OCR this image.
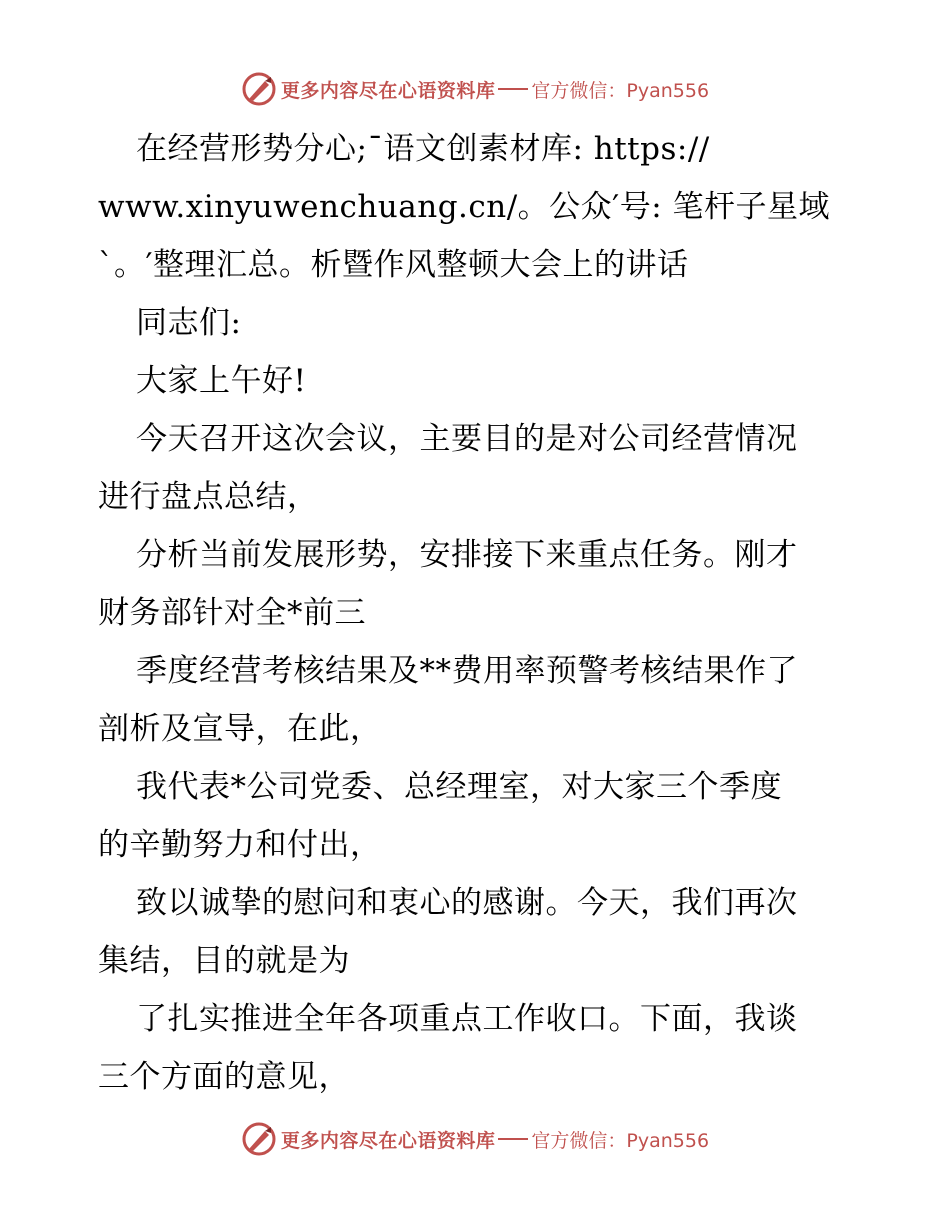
更多内容尽在心语资料库 官方微信：Pyan556
在经营形势分心;¯语文创素材库: https://
www.xinyuwenchuang.cn/。公众′号: 笔杆子星域
`。′整理汇总。析暨作风整顿大会上的讲话
同志们:
大家上午好!
今天召开这次会议，主要目的是对公司经营情况
进行盘点总结，
分析当前发展形势，安排接下来重点任务。刚才
财务部针对全*前三
季度经营考核结果及**费用率预警考核结果作了
剖析及宣导，在此，
我代表*公司党委、总经理室，对大家三个季度
的辛勤努力和付出，
致以诚挚的慰问和衷心的感谢。今天，我们再次
集结，目的就是为
了扎实推进全年各项重点工作收口。下面，我谈
三个方面的意见，
更多内容尽在心语资料库 官方微信：Pyan556
